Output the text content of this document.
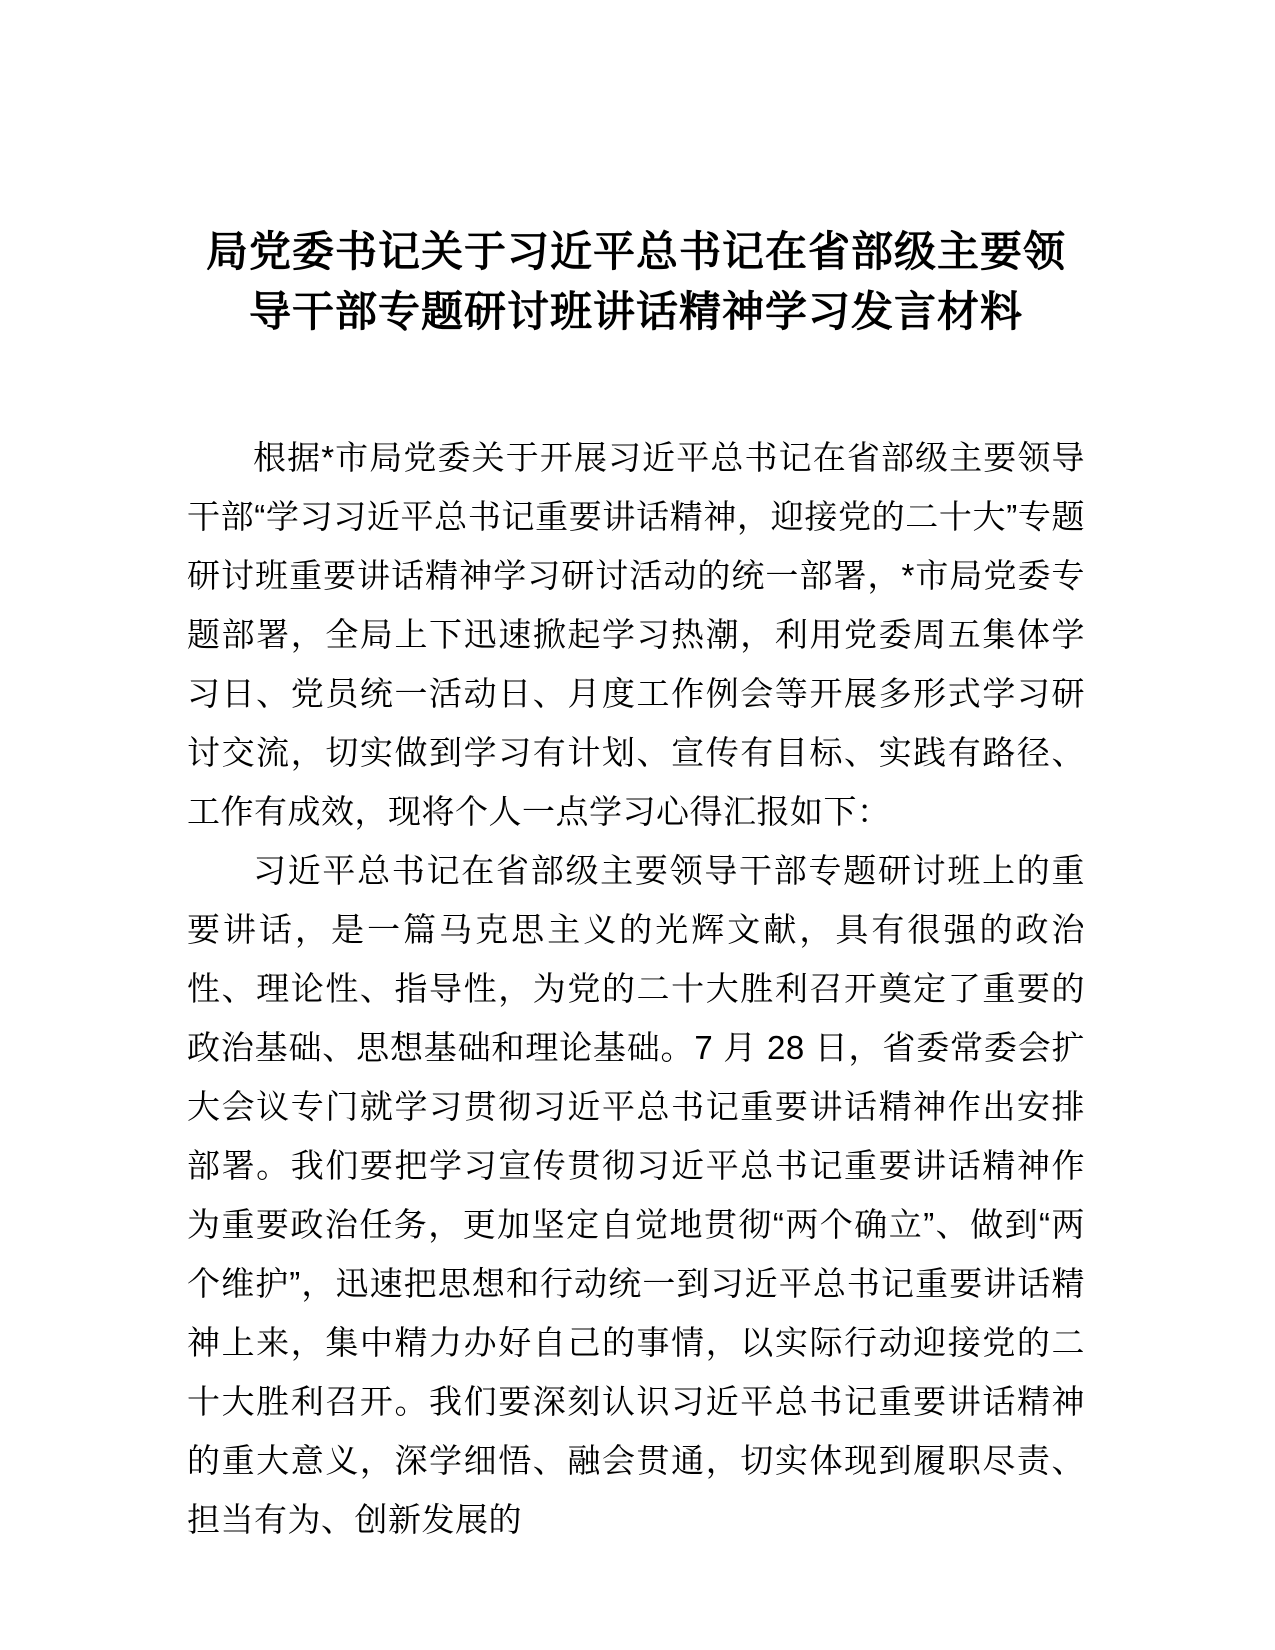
局党委书记关于习近平总书记在省部级主要领
导干部专题研讨班讲话精神学习发言材料

根据*市局党委关于开展习近平总书记在省部级主要领导干部“学习习近平总书记重要讲话精神，迎接党的二十大”专题研讨班重要讲话精神学习研讨活动的统一部署，*市局党委专题部署，全局上下迅速掀起学习热潮，利用党委周五集体学习日、党员统一活动日、月度工作例会等开展多形式学习研讨交流，切实做到学习有计划、宣传有目标、实践有路径、工作有成效，现将个人一点学习心得汇报如下：

习近平总书记在省部级主要领导干部专题研讨班上的重要讲话，是一篇马克思主义的光辉文献，具有很强的政治性、理论性、指导性，为党的二十大胜利召开奠定了重要的政治基础、思想基础和理论基础。7 月 28 日，省委常委会扩大会议专门就学习贯彻习近平总书记重要讲话精神作出安排部署。我们要把学习宣传贯彻习近平总书记重要讲话精神作为重要政治任务，更加坚定自觉地贯彻“两个确立”、做到“两个维护”，迅速把思想和行动统一到习近平总书记重要讲话精神上来，集中精力办好自己的事情，以实际行动迎接党的二十大胜利召开。我们要深刻认识习近平总书记重要讲话精神的重大意义，深学细悟、融会贯通，切实体现到履职尽责、担当有为、创新发展的
